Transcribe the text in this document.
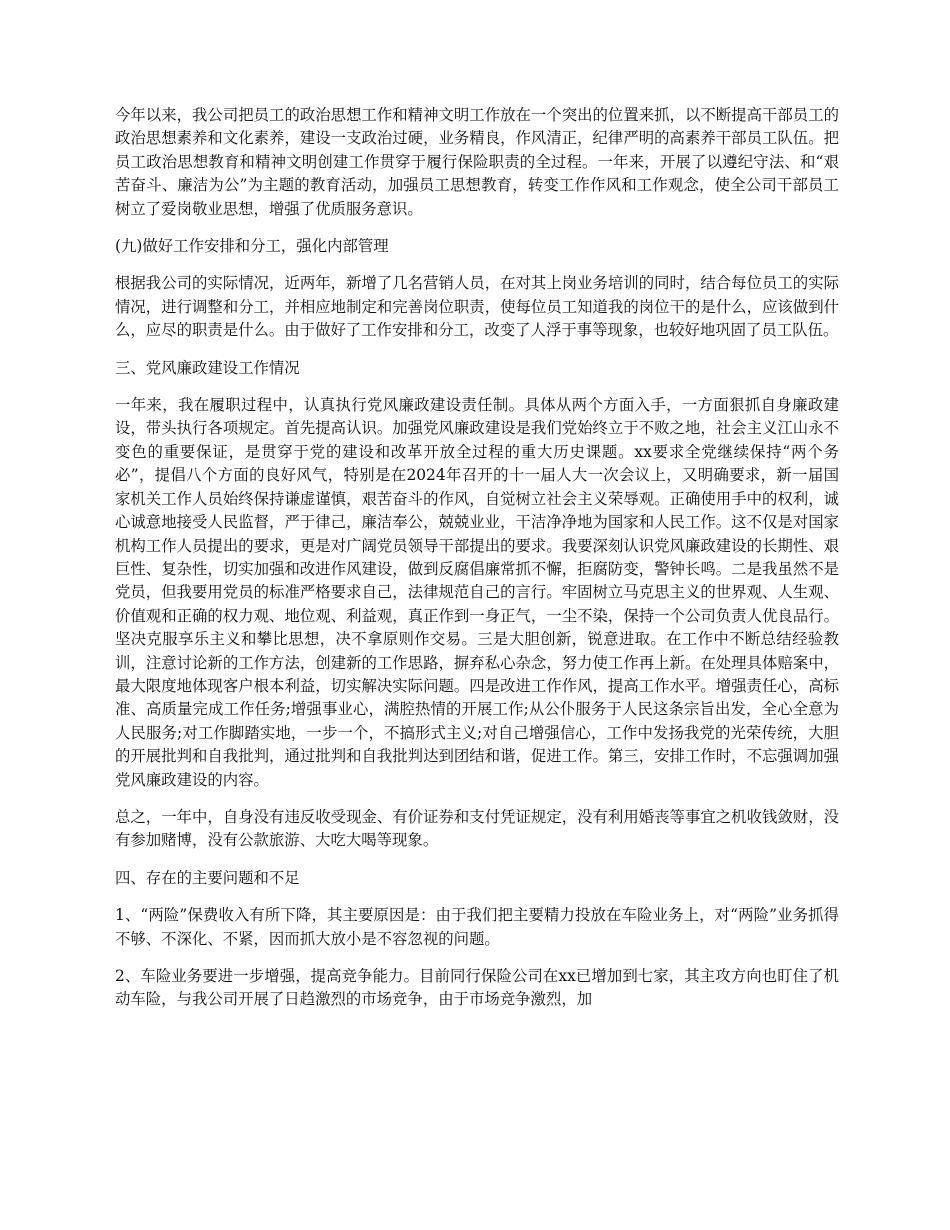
今年以来，我公司把员工的政治思想工作和精神文明工作放在一个突出的位置来抓，以不断提高干部员工的政治思想素养和文化素养，建设一支政治过硬，业务精良，作风清正，纪律严明的高素养干部员工队伍。把员工政治思想教育和精神文明创建工作贯穿于履行保险职责的全过程。一年来，开展了以遵纪守法、和“艰苦奋斗、廉洁为公”为主题的教育活动，加强员工思想教育，转变工作作风和工作观念，使全公司干部员工树立了爱岗敬业思想，增强了优质服务意识。

(九)做好工作安排和分工，强化内部管理

根据我公司的实际情况，近两年，新增了几名营销人员，在对其上岗业务培训的同时，结合每位员工的实际情况，进行调整和分工，并相应地制定和完善岗位职责，使每位员工知道我的岗位干的是什么，应该做到什么，应尽的职责是什么。由于做好了工作安排和分工，改变了人浮于事等现象，也较好地巩固了员工队伍。

三、党风廉政建设工作情况

一年来，我在履职过程中，认真执行党风廉政建设责任制。具体从两个方面入手，一方面狠抓自身廉政建设，带头执行各项规定。首先提高认识。加强党风廉政建设是我们党始终立于不败之地，社会主义江山永不变色的重要保证，是贯穿于党的建设和改革开放全过程的重大历史课题。xx要求全党继续保持“两个务必”，提倡八个方面的良好风气，特别是在2024年召开的十一届人大一次会议上，又明确要求，新一届国家机关工作人员始终保持谦虚谨慎，艰苦奋斗的作风，自觉树立社会主义荣辱观。正确使用手中的权利，诚心诚意地接受人民监督，严于律己，廉洁奉公，兢兢业业，干洁净净地为国家和人民工作。这不仅是对国家机构工作人员提出的要求，更是对广阔党员领导干部提出的要求。我要深刻认识党风廉政建设的长期性、艰巨性、复杂性，切实加强和改进作风建设，做到反腐倡廉常抓不懈，拒腐防变，警钟长鸣。二是我虽然不是党员，但我要用党员的标准严格要求自己，法律规范自己的言行。牢固树立马克思主义的世界观、人生观、价值观和正确的权力观、地位观、利益观，真正作到一身正气，一尘不染，保持一个公司负责人优良品行。坚决克服享乐主义和攀比思想，决不拿原则作交易。三是大胆创新，锐意进取。在工作中不断总结经验教训，注意讨论新的工作方法，创建新的工作思路，摒弃私心杂念，努力使工作再上新。在处理具体赔案中，最大限度地体现客户根本利益，切实解决实际问题。四是改进工作作风，提高工作水平。增强责任心，高标准、高质量完成工作任务;增强事业心，满腔热情的开展工作;从公仆服务于人民这条宗旨出发，全心全意为人民服务;对工作脚踏实地，一步一个，不搞形式主义;对自己增强信心，工作中发扬我党的光荣传统，大胆的开展批判和自我批判，通过批判和自我批判达到团结和谐，促进工作。第三，安排工作时，不忘强调加强党风廉政建设的内容。

总之，一年中，自身没有违反收受现金、有价证券和支付凭证规定，没有利用婚丧等事宜之机收钱敛财，没有参加赌博，没有公款旅游、大吃大喝等现象。

四、存在的主要问题和不足

1、“两险”保费收入有所下降，其主要原因是：由于我们把主要精力投放在车险业务上，对“两险”业务抓得不够、不深化、不紧，因而抓大放小是不容忽视的问题。

2、车险业务要进一步增强，提高竞争能力。目前同行保险公司在xx已增加到七家，其主攻方向也盯住了机动车险，与我公司开展了日趋激烈的市场竞争，由于市场竞争激烈，加
